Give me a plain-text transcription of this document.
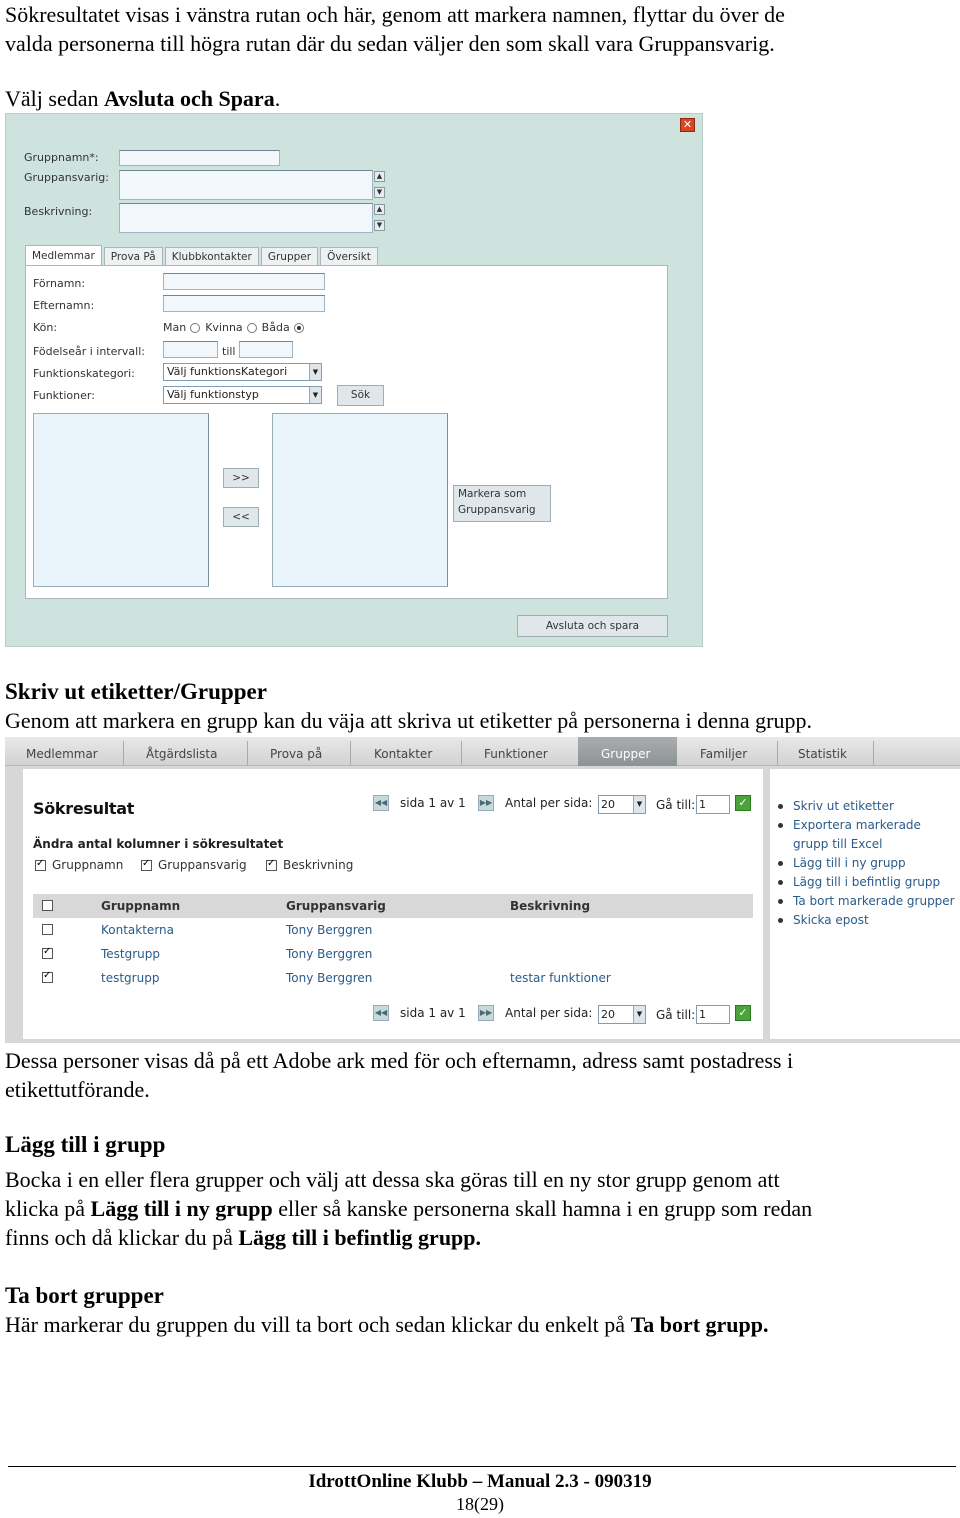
Sökresultatet visas i vänstra rutan och här, genom att markera namnen, flyttar du över de
valda personerna till högra rutan där du sedan väljer den som skall vara Gruppansvarig.
Välj sedan Avsluta och Spara.
✕
Gruppnamn*:
Gruppansvarig:	▲
▼
Beskrivning:	▲
▼
Medlemmar	Prova På	Klubbkontakter	Grupper	Översikt
Förnamn:
Efternamn:
Kön:	Man Kvinna Båda
Födelseår i intervall:	till
Funktionskategori:	Välj funktionsKategori	▼
Funktioner:	Välj funktionstyp	▼	Sök
>>
<<
Markera som
Gruppansvarig
Avsluta och spara
Skriv ut etiketter/Grupper
Genom att markera en grupp kan du väja att skriva ut etiketter på personerna i denna grupp.
Medlemmar	Åtgärdslista	Prova på	Kontakter	Funktioner	Grupper	Familjer	Statistik
Sökresultat	◀◀ sida 1 av 1 ▶▶ Antal per sida: 20	▼ Gå till: 1	✓
Ändra antal kolumner i sökresultatet
✓Gruppnamn ✓	Gruppansvarig ✓	Beskrivning
Gruppnamn	Gruppansvarig	Beskrivning
Kontakterna	Tony Berggren
✓
Testgrupp	Tony Berggren
✓
testgrupp	Tony Berggren	testar funktioner
◀◀ sida 1 av 1 ▶▶ Antal per sida: 20	▼ Gå till: 1	✓
Skriv ut etiketter
Exportera markerade grupp till Excel
Lägg till i ny grupp
Lägg till i befintlig grupp
Ta bort markerade grupper
Skicka epost
Dessa personer visas då på ett Adobe ark med för och efternamn, adress samt postadress i
etikettutförande.
Lägg till i grupp
Bocka i en eller flera grupper och välj att dessa ska göras till en ny stor grupp genom att
klicka på Lägg till i ny grupp eller så kanske personerna skall hamna i en grupp som redan
finns och då klickar du på Lägg till i befintlig grupp.
Ta bort grupper
Här markerar du gruppen du vill ta bort och sedan klickar du enkelt på Ta bort grupp.
IdrottOnline Klubb – Manual 2.3 - 090319
18(29)
